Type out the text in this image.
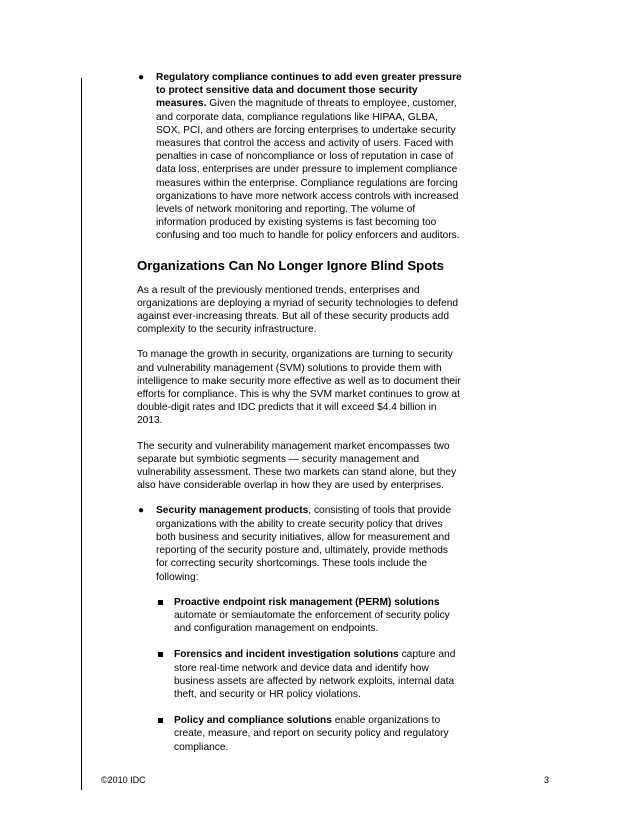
● Regulatory compliance continues to add even greater pressure to protect sensitive data and document those security measures. Given the magnitude of threats to employee, customer, and corporate data, compliance regulations like HIPAA, GLBA, SOX, PCI, and others are forcing enterprises to undertake security measures that control the access and activity of users. Faced with penalties in case of noncompliance or loss of reputation in case of data loss, enterprises are under pressure to implement compliance measures within the enterprise. Compliance regulations are forcing organizations to have more network access controls with increased levels of network monitoring and reporting. The volume of information produced by existing systems is fast becoming too confusing and too much to handle for policy enforcers and auditors.
Organizations Can No Longer Ignore Blind Spots

As a result of the previously mentioned trends, enterprises and organizations are deploying a myriad of security technologies to defend against ever-increasing threats. But all of these security products add complexity to the security infrastructure.

To manage the growth in security, organizations are turning to security and vulnerability management (SVM) solutions to provide them with intelligence to make security more effective as well as to document their efforts for compliance. This is why the SVM market continues to grow at double-digit rates and IDC predicts that it will exceed $4.4 billion in 2013.

The security and vulnerability management market encompasses two separate but symbiotic segments — security management and vulnerability assessment. These two markets can stand alone, but they also have considerable overlap in how they are used by enterprises.

● Security management products, consisting of tools that provide organizations with the ability to create security policy that drives both business and security initiatives, allow for measurement and reporting of the security posture and, ultimately, provide methods for correcting security shortcomings. These tools include the following:
Proactive endpoint risk management (PERM) solutions automate or semiautomate the enforcement of security policy and configuration management on endpoints.
Forensics and incident investigation solutions capture and store real-time network and device data and identify how business assets are affected by network exploits, internal data theft, and security or HR policy violations.
Policy and compliance solutions enable organizations to create, measure, and report on security policy and regulatory compliance.
©2010 IDC	3
